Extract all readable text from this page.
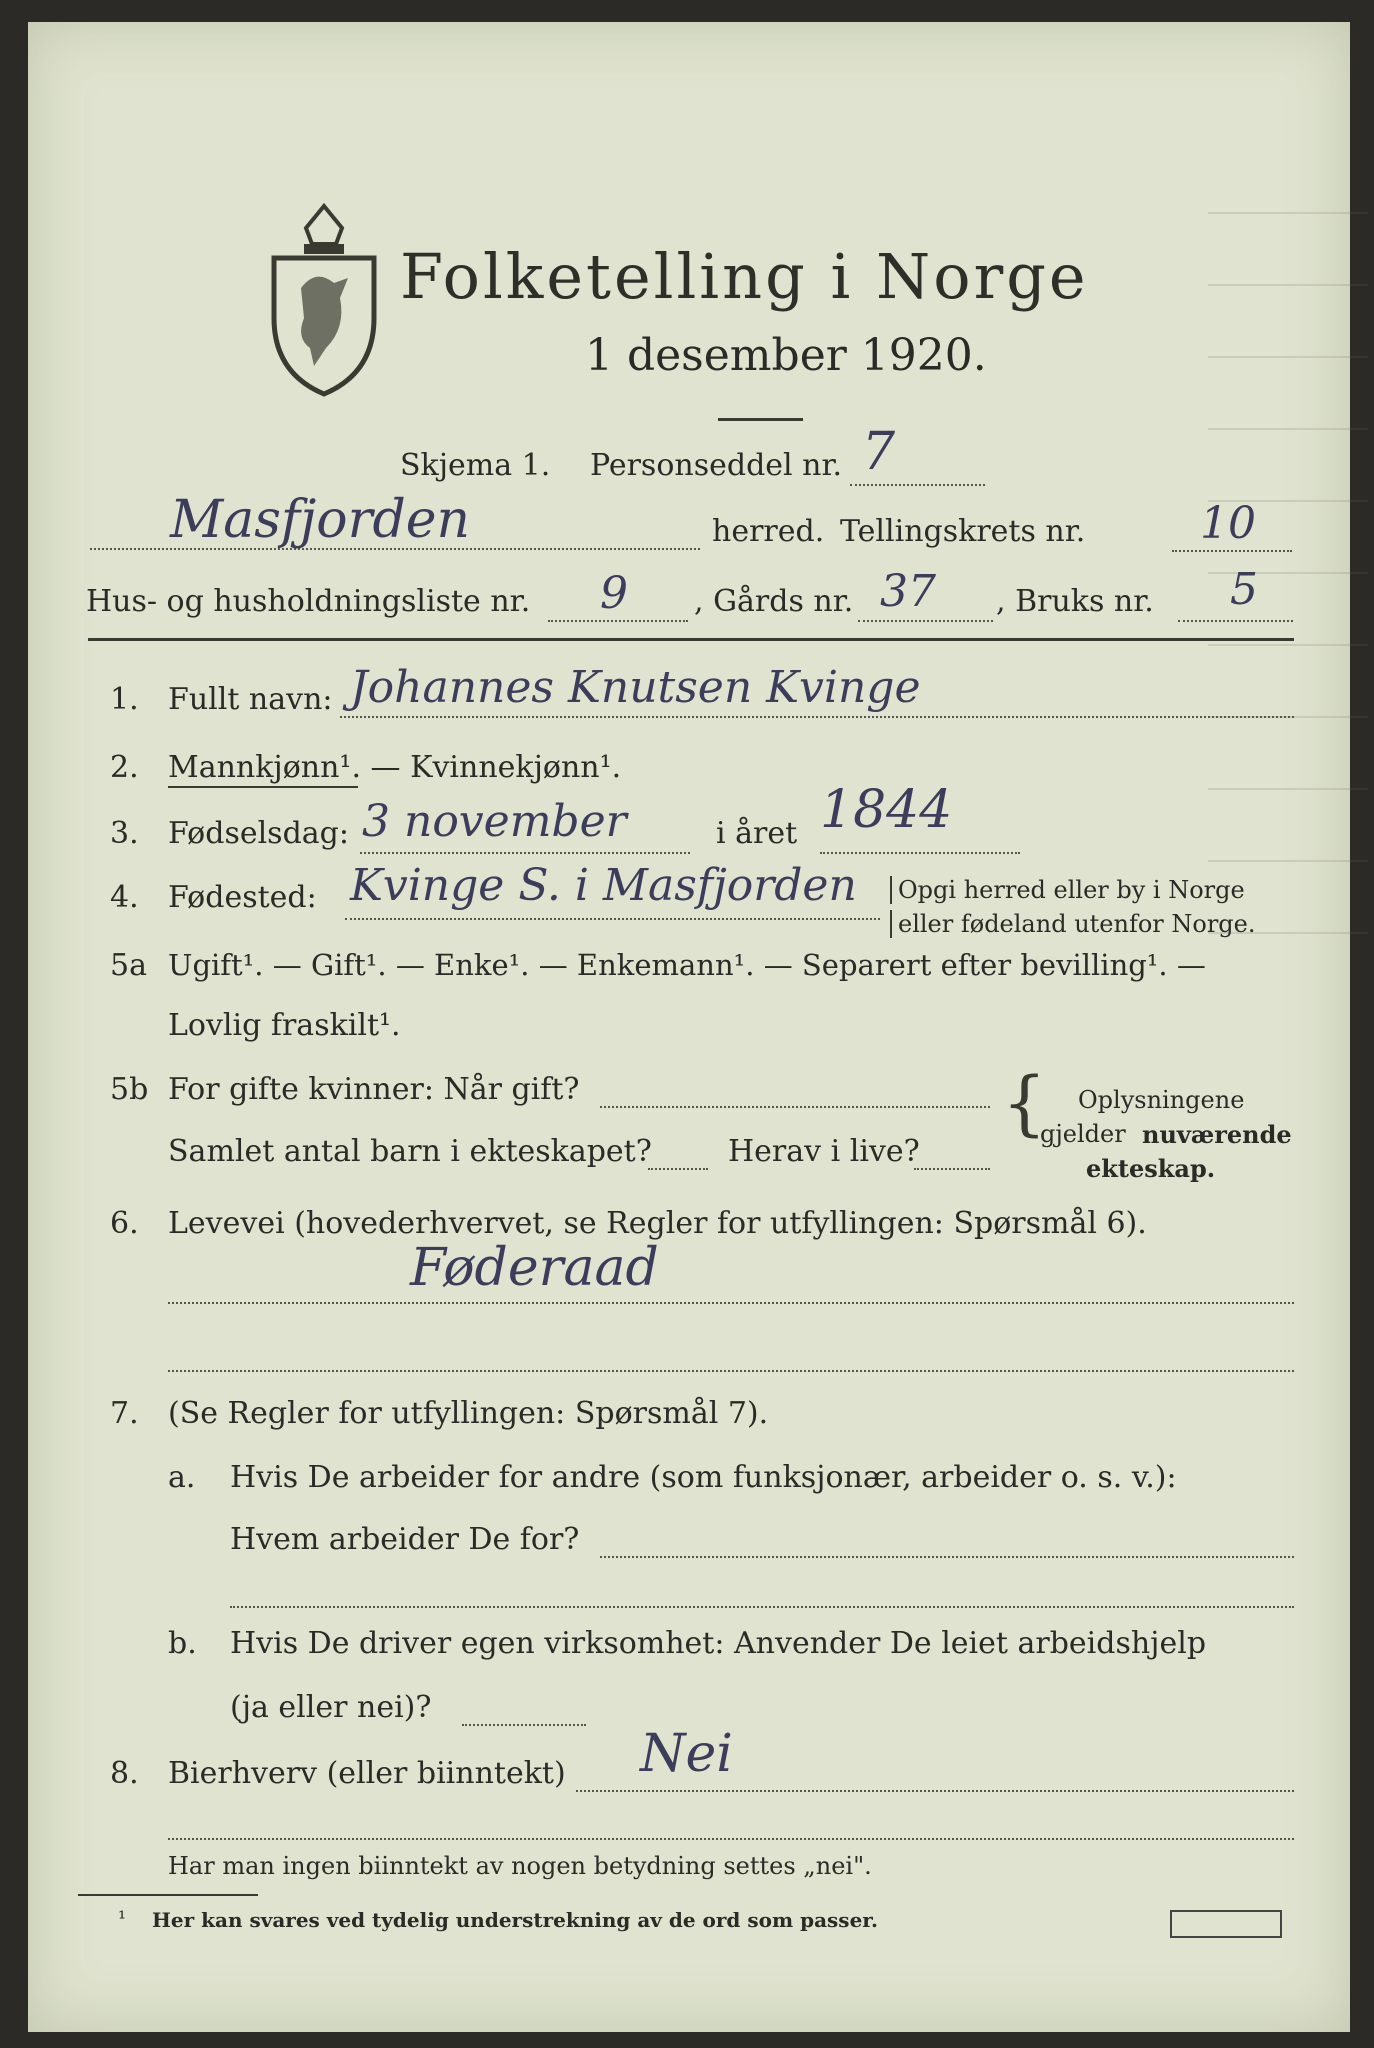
Folketelling i Norge
1 desember 1920.
Skjema 1. Personseddel nr. 7
Masfjorden	herred. Tellingskrets nr.	10
Hus- og husholdningsliste nr. 9 , Gårds nr. 37 , Bruks nr. 5
1. Fullt navn: Johannes Knutsen Kvinge
2. Mannkjønn¹. — Kvinnekjønn¹.
3. Fødselsdag: 3 november	i året 1844
4. Fødested: Kvinge S. i Masfjorden	Opgi herred eller by i Norge
eller fødeland utenfor Norge.
5a Ugift¹. — Gift¹. — Enke¹. — Enkemann¹. — Separert efter bevilling¹. —
Lovlig fraskilt¹.
5b For gifte kvinner: Når gift?
Samlet antal barn i ekteskapet?	Herav i live?
{ Oplysningene
gjelder nuværende
ekteskap.
6. Levevei (hovederhvervet, se Regler for utfyllingen: Spørsmål 6).
Føderaad
7. (Se Regler for utfyllingen: Spørsmål 7).
a. Hvis De arbeider for andre (som funksjonær, arbeider o. s. v.):
Hvem arbeider De for?
b. Hvis De driver egen virksomhet: Anvender De leiet arbeidshjelp
(ja eller nei)?
8. Bierhverv (eller biinntekt) Nei
Har man ingen biinntekt av nogen betydning settes „nei".
¹ Her kan svares ved tydelig understrekning av de ord som passer.
